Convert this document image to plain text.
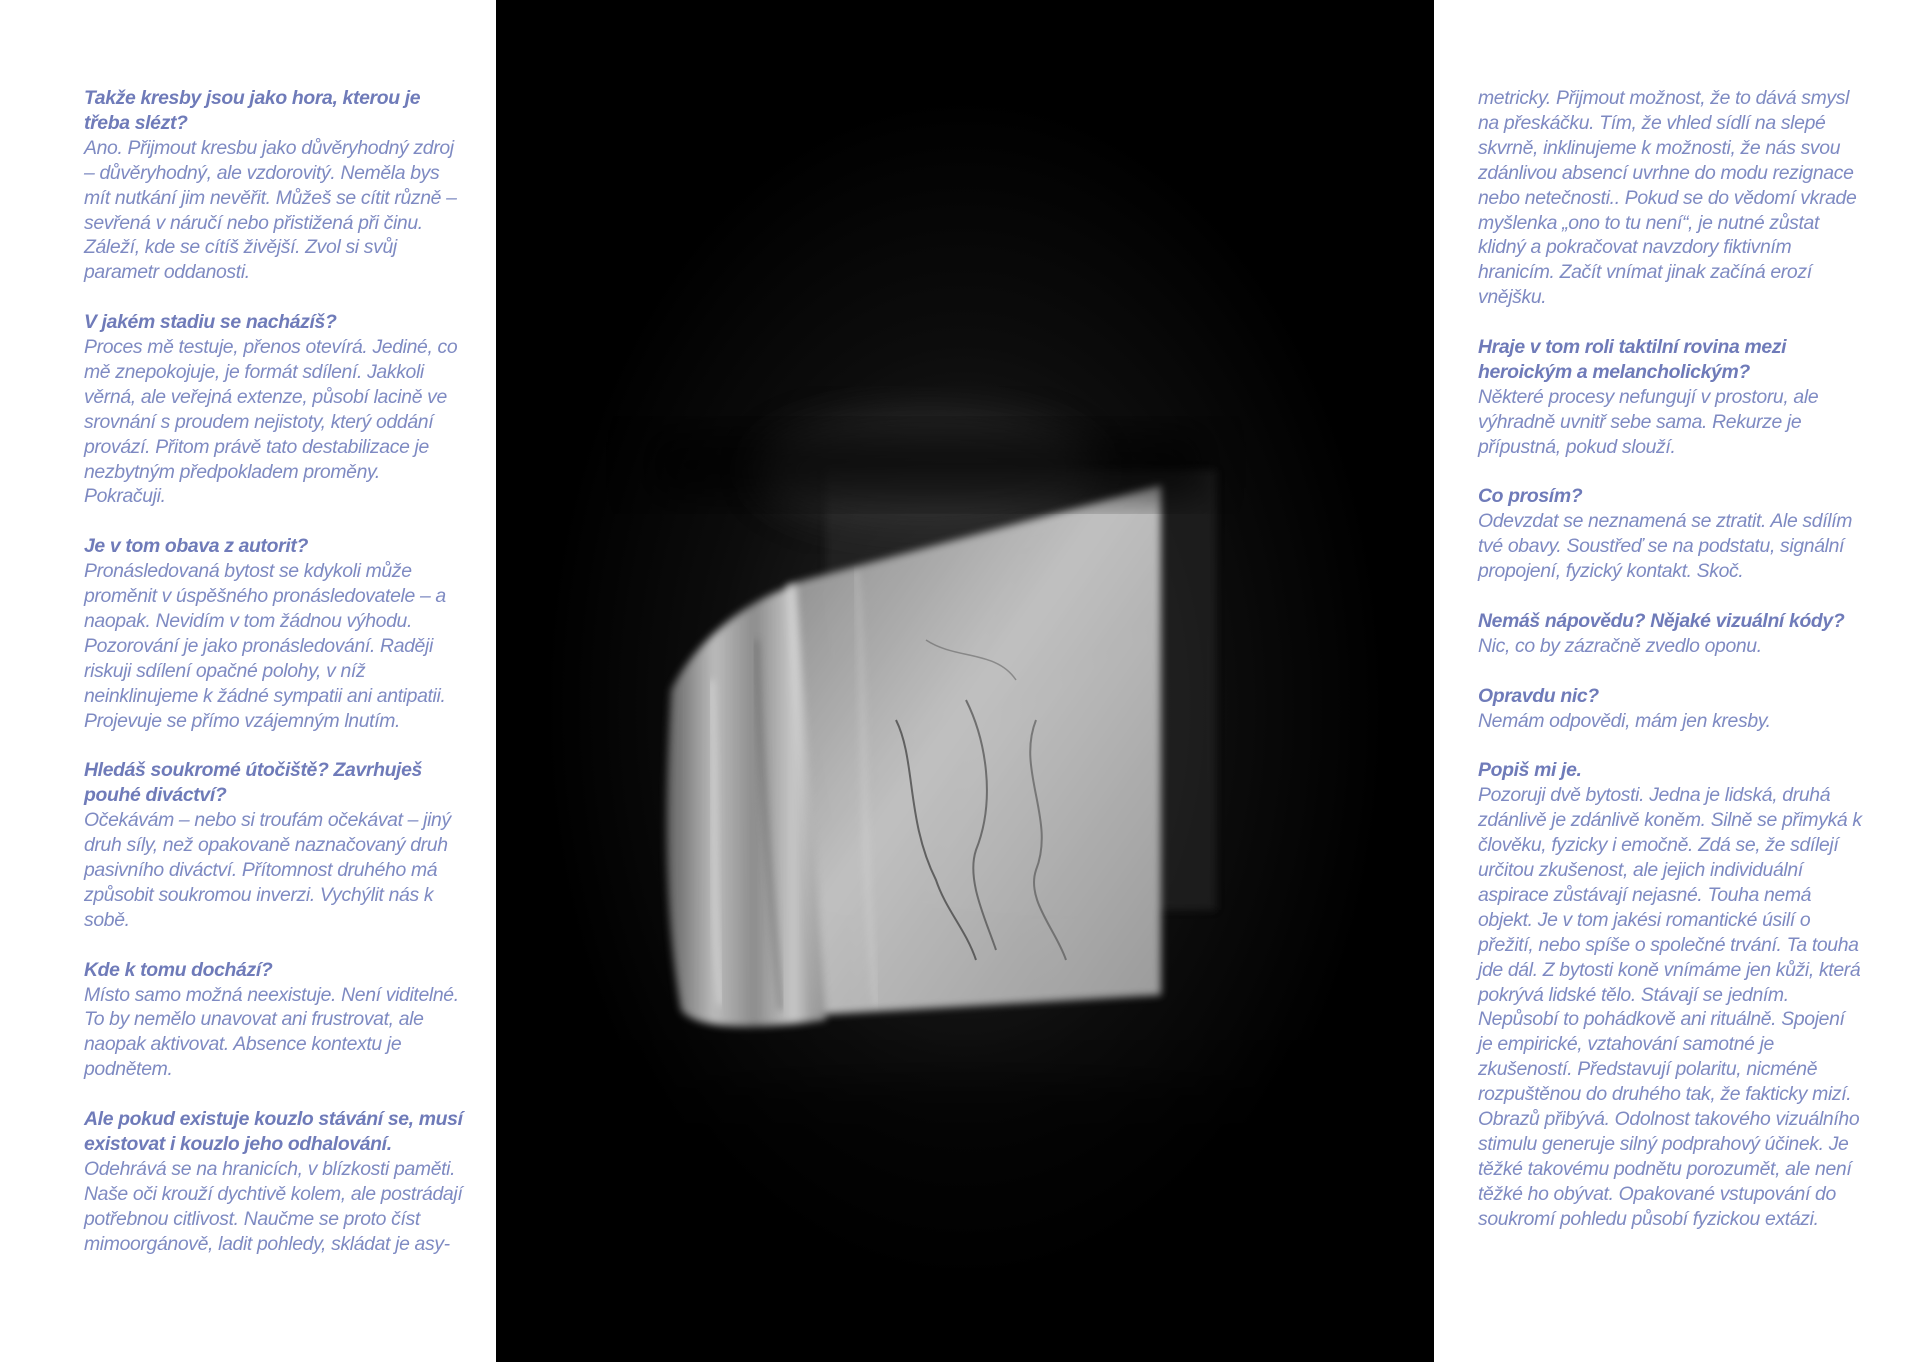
Takže kresby jsou jako hora, kterou je třeba slézt?
Ano. Přijmout kresbu jako důvěryhodný zdroj – důvěryhodný, ale vzdorovitý. Neměla bys mít nutkání jim nevěřit. Můžeš se cítit různě – sevřená v náručí nebo přistižená při činu. Záleží, kde se cítíš živější. Zvol si svůj parametr oddanosti.
V jakém stadiu se nacházíš?
Proces mě testuje, přenos otevírá. Jediné, co mě znepokojuje, je formát sdílení. Jakkoli věrná, ale veřejná extenze, působí lacině ve srovnání s proudem nejistoty, který oddání provází. Přitom právě tato destabilizace je nezbytným předpokladem proměny. Pokračuji.
Je v tom obava z autorit?
Pronásledovaná bytost se kdykoli může proměnit v úspěšného pronásledovatele – a naopak. Nevidím v tom žádnou výhodu. Pozorování je jako pronásledování. Raději riskuji sdílení opačné polohy, v níž neinklinujeme k žádné sympatii ani antipatii. Projevuje se přímo vzájemným lnutím.
Hledáš soukromé útočiště? Zavrhuješ pouhé diváctví?
Očekávám – nebo si troufám očekávat – jiný druh síly, než opakovaně naznačovaný druh pasivního diváctví. Přítomnost druhého má způsobit soukromou inverzi. Vychýlit nás k sobě.
Kde k tomu dochází?
Místo samo možná neexistuje. Není viditelné. To by nemělo unavovat ani frustrovat, ale naopak aktivovat. Absence kontextu je podnětem.
Ale pokud existuje kouzlo stávání se, musí existovat i kouzlo jeho odhalování.
Odehrává se na hranicích, v blízkosti paměti. Naše oči krouží dychtivě kolem, ale postrádají potřebnou citlivost. Naučme se proto číst mimoorgánově, ladit pohledy, skládat je asy-
metricky. Přijmout možnost, že to dává smysl na přeskáčku. Tím, že vhled sídlí na slepé skvrně, inklinujeme k možnosti, že nás svou zdánlivou absencí uvrhne do modu rezignace nebo netečnosti.. Pokud se do vědomí vkrade myšlenka „ono to tu není“, je nutné zůstat klidný a pokračovat navzdory fiktivním hranicím. Začít vnímat jinak začíná erozí vnějšku.
Hraje v tom roli taktilní rovina mezi heroickým a melancholickým?
Některé procesy nefungují v prostoru, ale výhradně uvnitř sebe sama. Rekurze je přípustná, pokud slouží.
Co prosím?
Odevzdat se neznamená se ztratit. Ale sdílím tvé obavy. Soustřeď se na podstatu, signální propojení, fyzický kontakt. Skoč.
Nemáš nápovědu? Nějaké vizuální kódy?
Nic, co by zázračně zvedlo oponu.
Opravdu nic?
Nemám odpovědi, mám jen kresby.
Popiš mi je.
Pozoruji dvě bytosti. Jedna je lidská, druhá zdánlivě je zdánlivě koněm. Silně se přimyká k člověku, fyzicky i emočně. Zdá se, že sdílejí určitou zkušenost, ale jejich individuální aspirace zůstávají nejasné. Touha nemá objekt. Je v tom jakési romantické úsilí o přežití, nebo spíše o společné trvání. Ta touha jde dál. Z bytosti koně vnímáme jen kůži, která pokrývá lidské tělo. Stávají se jedním. Nepůsobí to pohádkově ani rituálně. Spojení je empirické, vztahování samotné je zkušeností. Představují polaritu, nicméně rozpuštěnou do druhého tak, že fakticky mizí. Obrazů přibývá. Odolnost takového vizuálního stimulu generuje silný podprahový účinek. Je těžké takovému podnětu porozumět, ale není těžké ho obývat. Opakované vstupování do soukromí pohledu působí fyzickou extázi.
